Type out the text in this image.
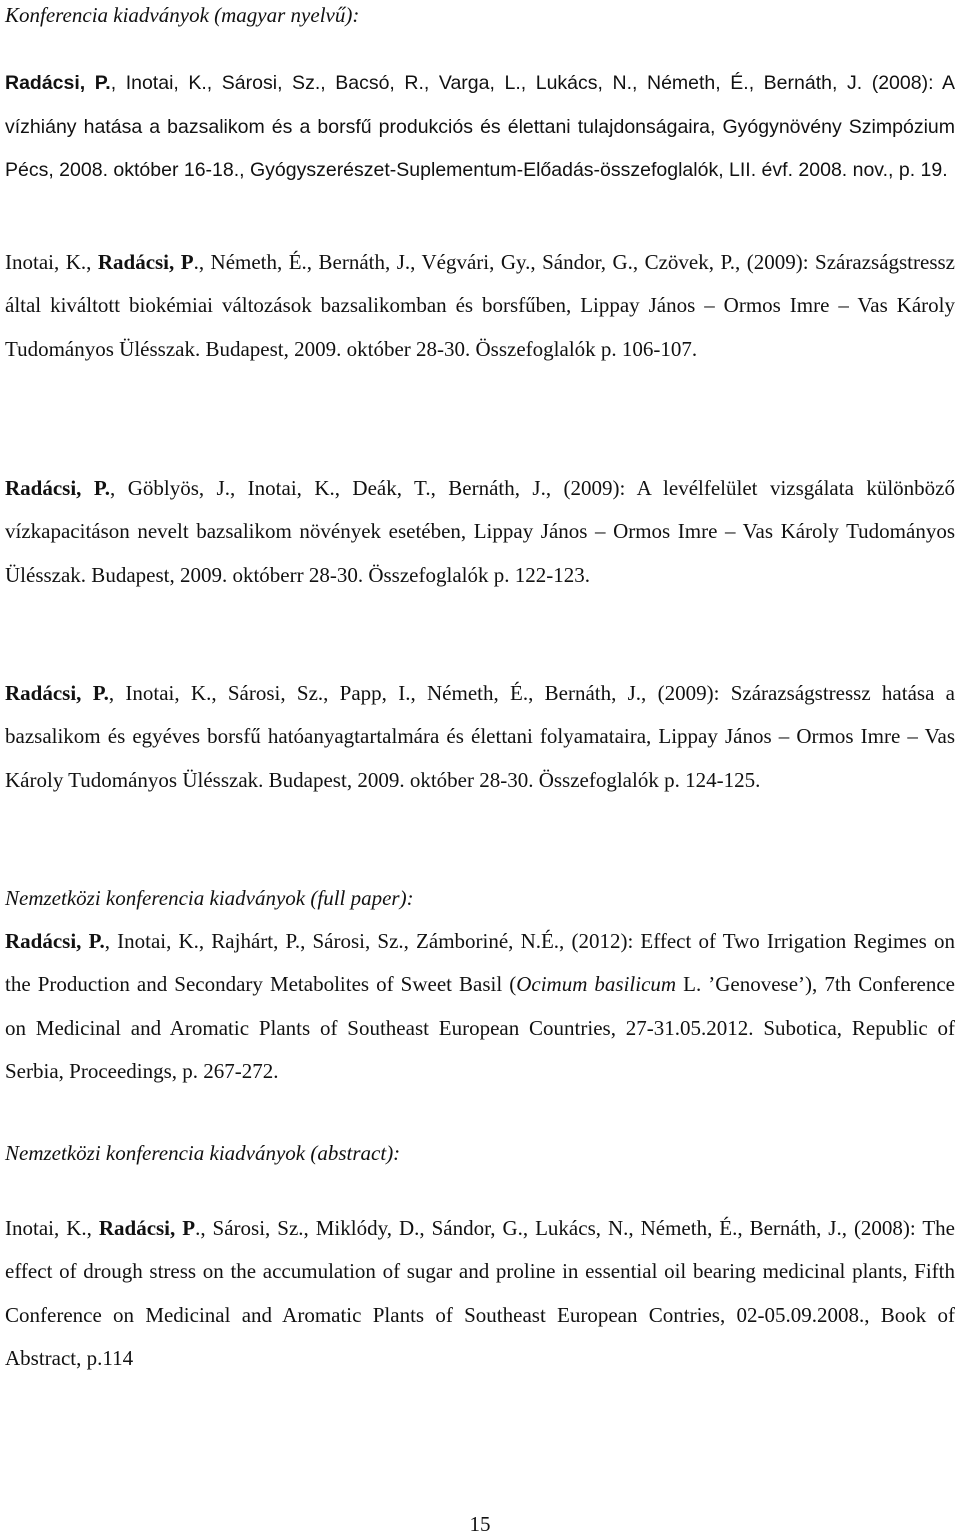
Konferencia kiadványok (magyar nyelvű):
Radácsi, P., Inotai, K., Sárosi, Sz., Bacsó, R., Varga, L., Lukács, N., Németh, É., Bernáth, J. (2008): A vízhiány hatása a bazsalikom és a borsfű produkciós és élettani tulajdonságaira, Gyógynövény Szimpózium Pécs, 2008. október 16-18., Gyógyszerészet-Suplementum-Előadás-összefoglalók, LII. évf. 2008. nov., p. 19.
Inotai, K., Radácsi, P., Németh, É., Bernáth, J., Végvári, Gy., Sándor, G., Czövek, P., (2009): Szárazságstressz által kiváltott biokémiai változások bazsalikomban és borsfűben, Lippay János – Ormos Imre – Vas Károly Tudományos Ülésszak. Budapest, 2009. október 28-30. Összefoglalók p. 106-107.
Radácsi, P., Göblyös, J., Inotai, K., Deák, T., Bernáth, J., (2009): A levélfelület vizsgálata különböző vízkapacitáson nevelt bazsalikom növények esetében, Lippay János – Ormos Imre – Vas Károly Tudományos Ülésszak. Budapest, 2009. októberr 28-30. Összefoglalók p. 122-123.
Radácsi, P., Inotai, K., Sárosi, Sz., Papp, I., Németh, É., Bernáth, J., (2009): Szárazságstressz hatása a bazsalikom és egyéves borsfű hatóanyagtartalmára és élettani folyamataira, Lippay János – Ormos Imre – Vas Károly Tudományos Ülésszak. Budapest, 2009. október 28-30. Összefoglalók p. 124-125.
Nemzetközi konferencia kiadványok (full paper):
Radácsi, P., Inotai, K., Rajhárt, P., Sárosi, Sz., Zámboriné, N.É., (2012): Effect of Two Irrigation Regimes on the Production and Secondary Metabolites of Sweet Basil (Ocimum basilicum L. ’Genovese’), 7th Conference on Medicinal and Aromatic Plants of Southeast European Countries, 27-31.05.2012. Subotica, Republic of Serbia, Proceedings, p. 267-272.
Nemzetközi konferencia kiadványok (abstract):
Inotai, K., Radácsi, P., Sárosi, Sz., Miklódy, D., Sándor, G., Lukács, N., Németh, É., Bernáth, J., (2008): The effect of drough stress on the accumulation of sugar and proline in essential oil bearing medicinal plants, Fifth Conference on Medicinal and Aromatic Plants of Southeast European Contries, 02-05.09.2008., Book of Abstract, p.114
15
